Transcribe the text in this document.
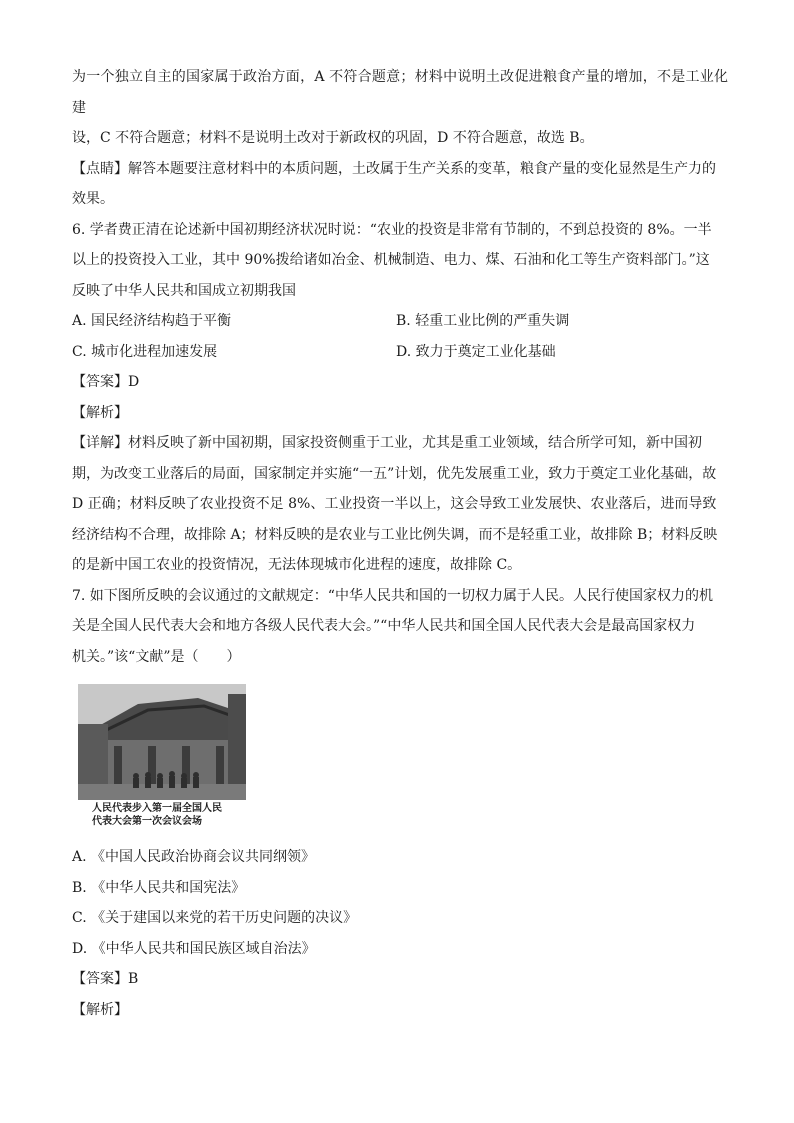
为一个独立自主的国家属于政治方面，A 不符合题意；材料中说明土改促进粮食产量的增加，不是工业化建

设，C 不符合题意；材料不是说明土改对于新政权的巩固，D 不符合题意，故选 B。

【点睛】解答本题要注意材料中的本质问题，土改属于生产关系的变革，粮食产量的变化显然是生产力的

效果。

6. 学者费正清在论述新中国初期经济状况时说：“农业的投资是非常有节制的，不到总投资的 8%。一半

以上的投资投入工业，其中 90%拨给诸如冶金、机械制造、电力、煤、石油和化工等生产资料部门。”这

反映了中华人民共和国成立初期我国

A. 国民经济结构趋于平衡	B. 轻重工业比例的严重失调
C. 城市化进程加速发展	D. 致力于奠定工业化基础

【答案】D

【解析】

【详解】材料反映了新中国初期，国家投资侧重于工业，尤其是重工业领域，结合所学可知，新中国初

期，为改变工业落后的局面，国家制定并实施“一五”计划，优先发展重工业，致力于奠定工业化基础，故

D 正确；材料反映了农业投资不足 8%、工业投资一半以上，这会导致工业发展快、农业落后，进而导致

经济结构不合理，故排除 A；材料反映的是农业与工业比例失调，而不是轻重工业，故排除 B；材料反映

的是新中国工农业的投资情况，无法体现城市化进程的速度，故排除 C。

7. 如下图所反映的会议通过的文献规定：“中华人民共和国的一切权力属于人民。人民行使国家权力的机

关是全国人民代表大会和地方各级人民代表大会。”“中华人民共和国全国人民代表大会是最高国家权力

机关。”该“文献”是（　　）

人民代表步入第一届全国人民
代表大会第一次会议会场

A. 《中国人民政治协商会议共同纲领》

B. 《中华人民共和国宪法》

C. 《关于建国以来党的若干历史问题的决议》

D. 《中华人民共和国民族区域自治法》

【答案】B

【解析】
